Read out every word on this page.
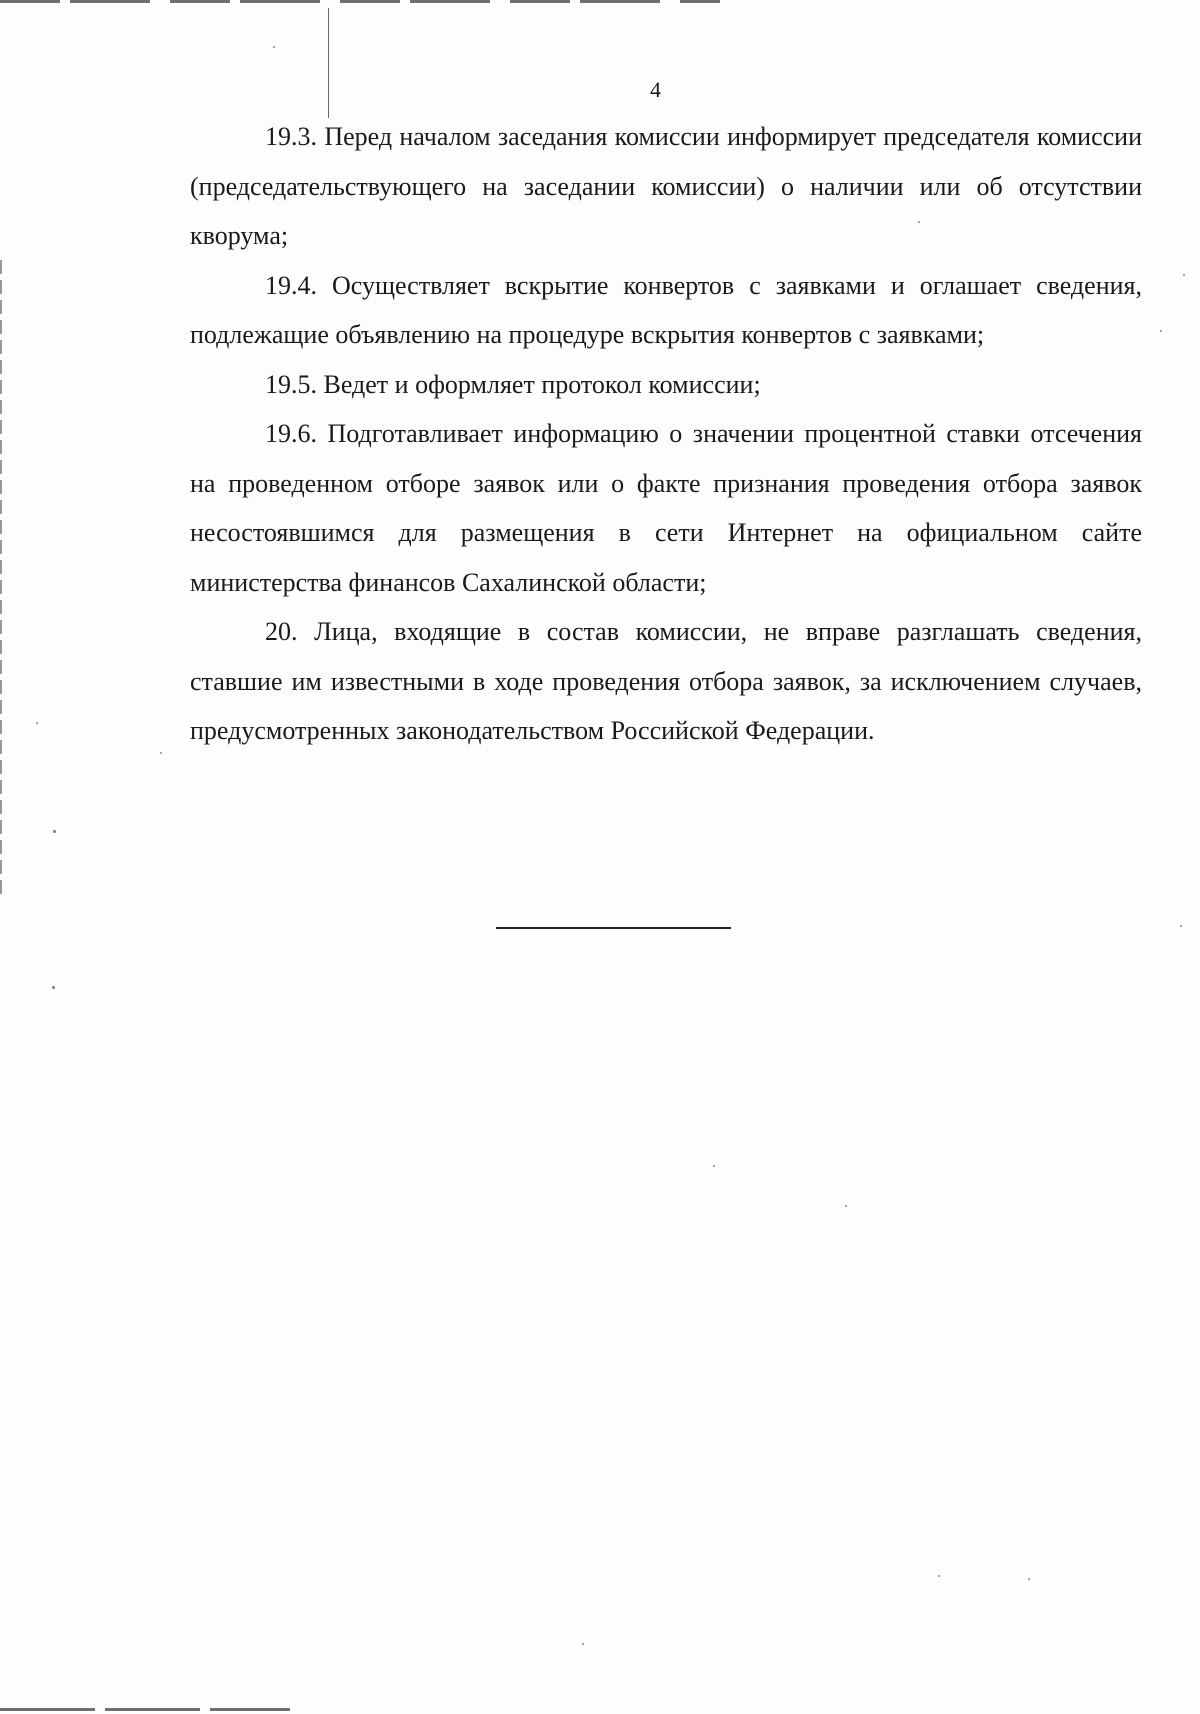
4

19.3. Перед началом заседания комиссии информирует председателя комиссии (председательствующего на заседании комиссии) о наличии или об отсутствии кворума;

19.4. Осуществляет вскрытие конвертов с заявками и оглашает сведения, подлежащие объявлению на процедуре вскрытия конвертов с заявками;

19.5. Ведет и оформляет протокол комиссии;

19.6. Подготавливает информацию о значении процентной ставки отсечения на проведенном отборе заявок или о факте признания проведения отбора заявок несостоявшимся для размещения в сети Интернет на официальном сайте министерства финансов Сахалинской области;

20. Лица, входящие в состав комиссии, не вправе разглашать сведения, ставшие им известными в ходе проведения отбора заявок, за исключением случаев, предусмотренных законодательством Российской Федерации.
